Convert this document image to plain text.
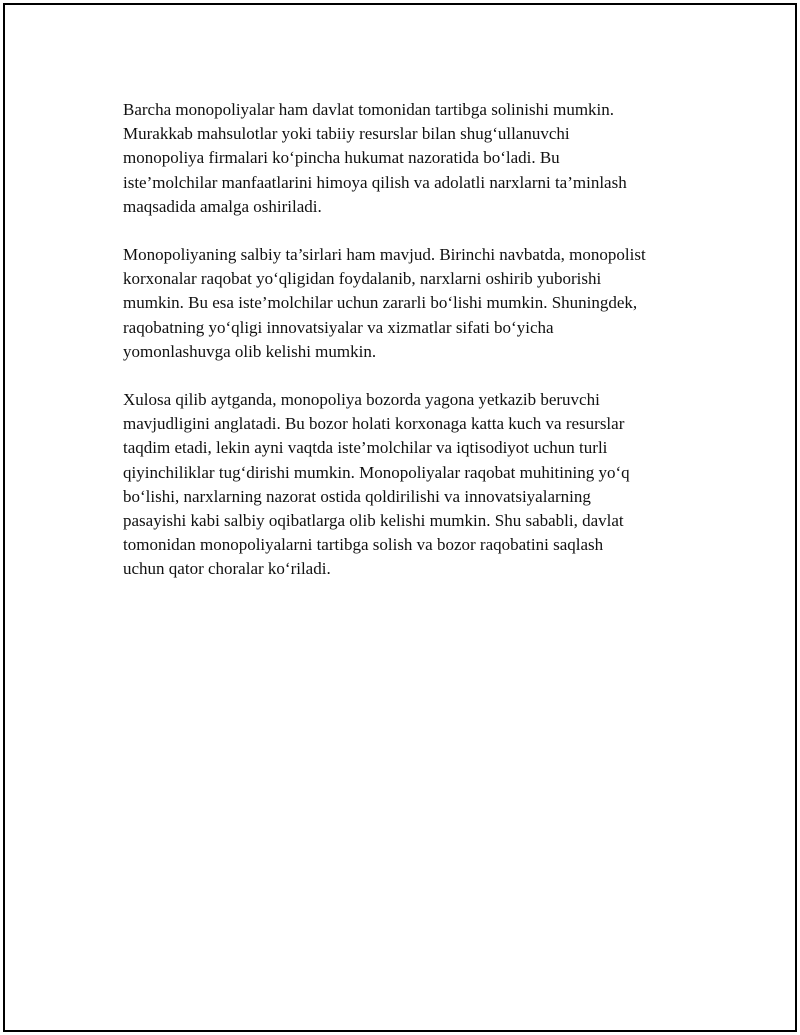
Barcha monopoliyalar ham davlat tomonidan tartibga solinishi mumkin.
Murakkab mahsulotlar yoki tabiiy resurslar bilan shug‘ullanuvchi
monopoliya firmalari ko‘pincha hukumat nazoratida bo‘ladi. Bu
iste’molchilar manfaatlarini himoya qilish va adolatli narxlarni ta’minlash
maqsadida amalga oshiriladi.

Monopoliyaning salbiy ta’sirlari ham mavjud. Birinchi navbatda, monopolist
korxonalar raqobat yo‘qligidan foydalanib, narxlarni oshirib yuborishi
mumkin. Bu esa iste’molchilar uchun zararli bo‘lishi mumkin. Shuningdek,
raqobatning yo‘qligi innovatsiyalar va xizmatlar sifati bo‘yicha
yomonlashuvga olib kelishi mumkin.

Xulosa qilib aytganda, monopoliya bozorda yagona yetkazib beruvchi
mavjudligini anglatadi. Bu bozor holati korxonaga katta kuch va resurslar
taqdim etadi, lekin ayni vaqtda iste’molchilar va iqtisodiyot uchun turli
qiyinchiliklar tug‘dirishi mumkin. Monopoliyalar raqobat muhitining yo‘q
bo‘lishi, narxlarning nazorat ostida qoldirilishi va innovatsiyalarning
pasayishi kabi salbiy oqibatlarga olib kelishi mumkin. Shu sababli, davlat
tomonidan monopoliyalarni tartibga solish va bozor raqobatini saqlash
uchun qator choralar ko‘riladi.
